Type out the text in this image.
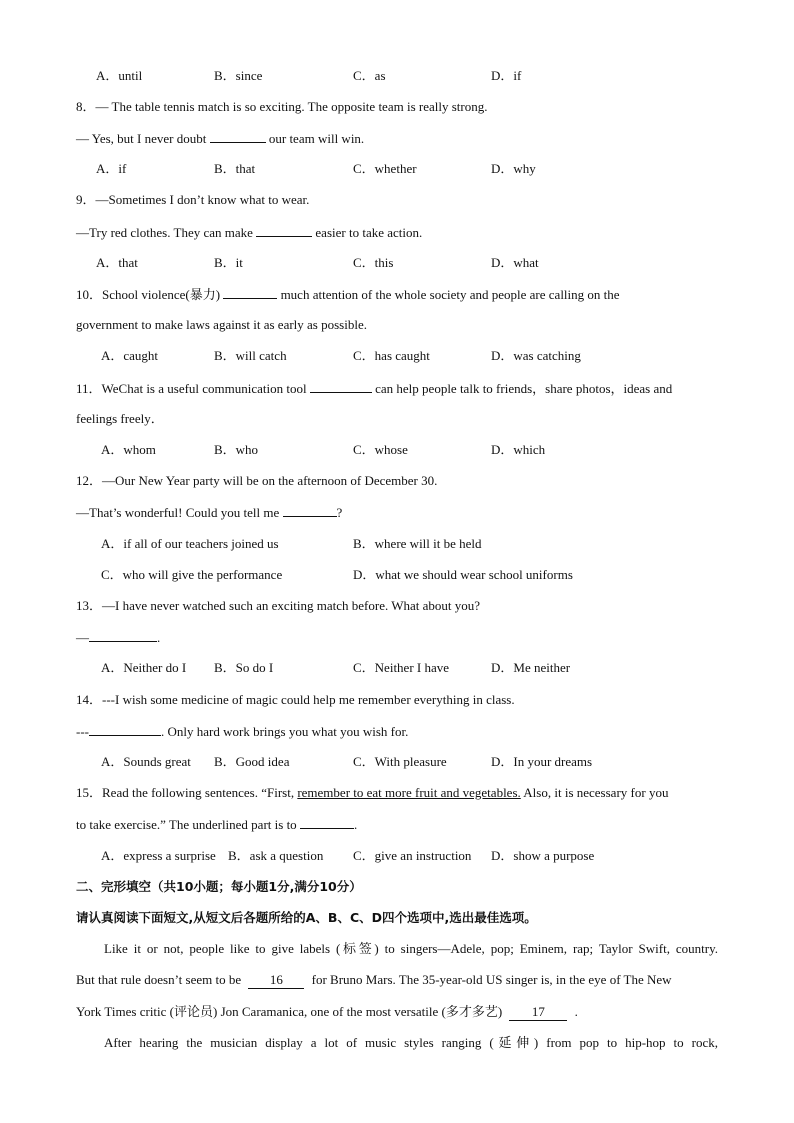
A．until	B．since	C．as	D．if
8．— The table tennis match is so exciting. The opposite team is really strong.
— Yes, but I never doubt	our team will win.
A．if	B．that	C．whether	D．why
9．—Sometimes I don’t know what to wear.
—Try red clothes. They can make	easier to take action.
A．that	B．it	C．this	D．what
10．School violence(暴力)	much attention of the whole society and people are calling on the
government to make laws against it as early as possible.
A．caught	B．will catch	C．has caught	D．was catching
11．WeChat is a useful communication tool	can help people talk to friends，share photos，ideas and
feelings freely．
A．whom	B．who	C．whose	D．which
12．—Our New Year party will be on the afternoon of December 30.
—That’s wonderful! Could you tell me	?
A．if all of our teachers joined us	B．where will it be held
C．who will give the performance	D．what we should wear school uniforms
13．—I have never watched such an exciting match before. What about you?
—	.
A．Neither do I B．So do I	C．Neither I have	D．Me neither
14．---I wish some medicine of magic could help me remember everything in class.
---	. Only hard work brings you what you wish for.
A．Sounds great B．Good idea	C．With pleasure	D．In your dreams
15．Read the following sentences. “First, remember to eat more fruit and vegetables. Also, it is necessary for you
to take exercise.” The underlined part is to	.
A．express a surprise B．ask a question C．give an instruction D．show a purpose
二、完形填空（共10小题；每小题1分,满分10分）
请认真阅读下面短文,从短文后各题所给的A、B、C、D四个选项中,选出最佳选项。
Like it or not, people like to give labels (标签) to singers—Adele, pop; Eminem, rap; Taylor Swift, country.
But that rule doesn’t seem to be 16 for Bruno Mars. The 35-year-old US singer is, in the eye of The New
York Times critic (评论员) Jon Caramanica, one of the most versatile (多才多艺) 17 .
After hearing the musician display a lot of music styles ranging (延伸) from pop to hip-hop to rock,
